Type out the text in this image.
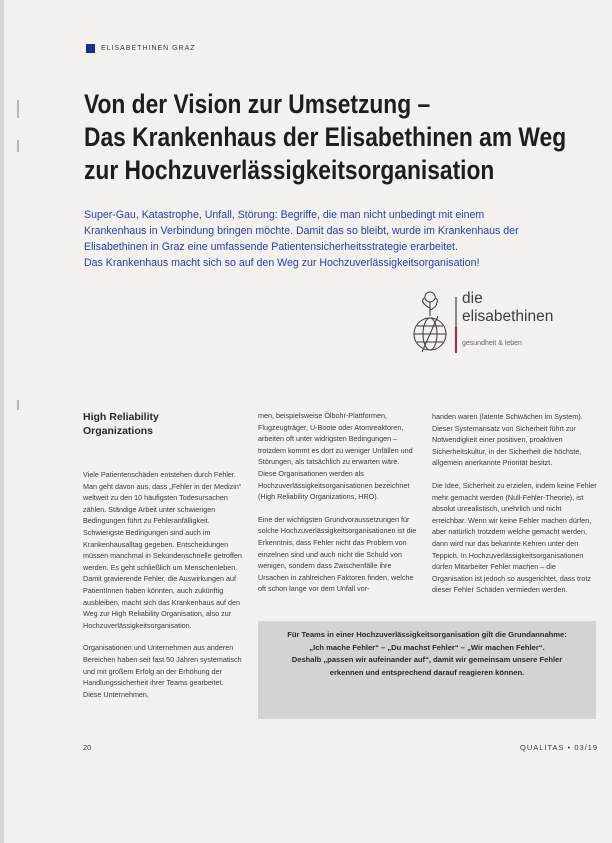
ELISABETHINEN GRAZ
Von der Vision zur Umsetzung –
Das Krankenhaus der Elisabethinen am Weg
zur Hochzuverlässigkeitsorganisation
Super-Gau, Katastrophe, Unfall, Störung: Begriffe, die man nicht unbedingt mit einem
Krankenhaus in Verbindung bringen möchte. Damit das so bleibt, wurde im Krankenhaus der
Elisabethinen in Graz eine umfassende Patientensicherheitsstrategie erarbeitet.
Das Krankenhaus macht sich so auf den Weg zur Hochzuverlässigkeitsorganisation!
die
elisabethinen
gesundheit & leben
High Reliability
Organizations

Viele Patientenschäden entstehen durch Fehler. Man geht davon aus, dass „Fehler in der Medizin“ weltweit zu den 10 häufigsten Todesursachen zählen. Ständige Arbeit unter schwierigen Bedingungen führt zu Fehleranfälligkeit. Schwierigste Bedingungen sind auch im Krankenhausalltag gegeben. Entscheidungen müssen manchmal in Sekundenschnelle getroffen werden. Es geht schließlich um Menschenleben. Damit gravierende Fehler, die Auswirkungen auf PatientInnen haben könnten, auch zukünftig ausbleiben, macht sich das Krankenhaus auf den Weg zur High Reliability Organisation, also zur Hochzuverlässigkeitsorganisation.

Organisationen und Unternehmen aus anderen Bereichen haben seit fast 50 Jahren systematisch und mit großem Erfolg an der Erhöhung der Handlungssicherheit ihrer Teams gearbeitet. Diese Unternehmen,

men, beispielsweise Ölbohr-Plattformen, Flugzeugträger, U-Boote oder Atomreaktoren, arbeiten oft unter widrigsten Bedingungen – trotzdem kommt es dort zu weniger Unfällen und Störungen, als tatsächlich zu erwarten wäre. Diese Organisationen werden als Hochzuverlässigkeitsorganisationen bezeichnet (High Reliability Organizations, HRO).

Eine der wichtigsten Grundvoraussetzungen für solche Hochzuverlässigkeitsorganisationen ist die Erkenntnis, dass Fehler nicht das Problem von einzelnen sind und auch nicht die Schuld von wenigen, sondern dass Zwischenfälle ihre Ursachen in zahlreichen Faktoren finden, welche oft schon lange vor dem Unfall vor-

handen waren (latente Schwächen im System). Dieser Systemansatz von Sicherheit führt zur Notwendigkeit einer positiven, proaktiven Sicherheitskultur, in der Sicherheit die höchste, allgemein anerkannte Priorität besitzt.

Die Idee, Sicherheit zu erzielen, indem keine Fehler mehr gemacht werden (Null-Fehler-Theorie), ist absolut unrealistisch, unehrlich und nicht erreichbar. Wenn wir keine Fehler machen dürfen, aber natürlich trotzdem welche gemacht werden, dann wird nur das bekannte Kehren unter den Teppich. In Hochzuverlässigkeitsorganisationen dürfen Mitarbeiter Fehler machen – die Organisation ist jedoch so ausgerichtet, dass trotz dieser Fehler Schäden vermieden werden.

Für Teams in einer Hochzuverlässigkeitsorganisation gilt die Grundannahme:
„Ich mache Fehler“ – „Du machst Fehler“ – „Wir machen Fehler“.
Deshalb „passen wir aufeinander auf“, damit wir gemeinsam unsere Fehler
erkennen und entsprechend darauf reagieren können.
20	QUALITAS • 03/19
